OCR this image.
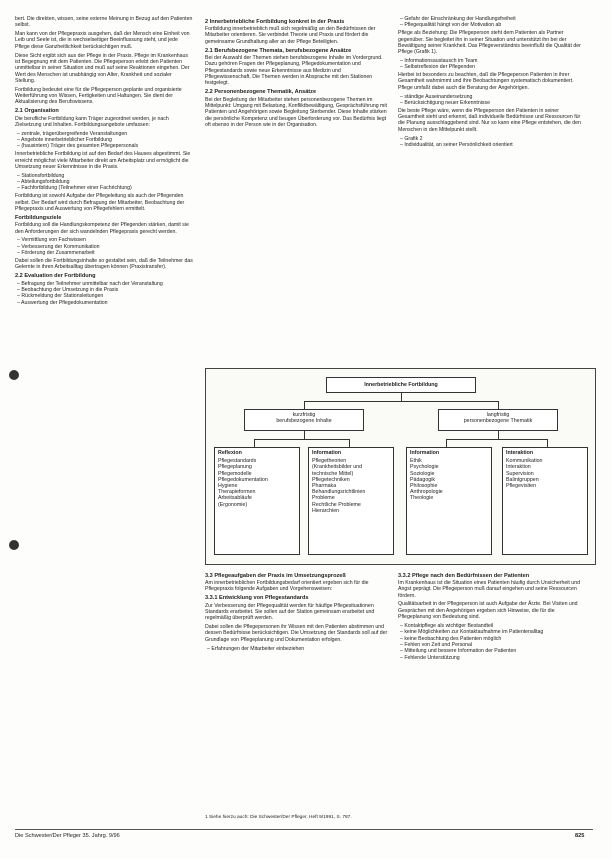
bert. Die direkten, wissen, seine externe Meinung in Bezug auf den Patienten selbst.

Man kann von der Pflegepraxis ausgehen, daß der Mensch eine Einheit von Leib und Seele ist, die in wechselseitiger Beeinflussung steht, und jede Pflege diese Ganzheitlichkeit berücksichtigen muß.

Diese Sicht ergibt sich aus der Pflege in der Praxis. Pflege im Krankenhaus ist Begegnung mit dem Patienten. Die Pflegeperson erlebt den Patienten unmittelbar in seiner Situation und muß auf seine Reaktionen eingehen. Der Wert des Menschen ist unabhängig von Alter, Krankheit und sozialer Stellung.

Fortbildung bedeutet eine für die Pflegeperson geplante und organisierte Weiterführung von Wissen, Fertigkeiten und Haltungen. Sie dient der Aktualisierung des Berufswissens.

2.1 Organisation

Die berufliche Fortbildung kann Träger zugeordnet werden, je nach Zielsetzung und Inhalten. Fortbildungsangebote umfassen:

– zentrale, trägerübergreifende Veranstaltungen
– Angebote innerbetrieblicher Fortbildung
– (hausintern) Träger des gesamten Pflegepersonals

Innerbetriebliche Fortbildung ist auf den Bedarf des Hauses abgestimmt. Sie erreicht möglichst viele Mitarbeiter direkt am Arbeitsplatz und ermöglicht die Umsetzung neuer Erkenntnisse in die Praxis.

– Stationsfortbildung
– Abteilungsfortbildung
– Fachfortbildung (Teilnehmer einer Fachrichtung)

Fortbildung ist sowohl Aufgabe der Pflegeleitung als auch der Pflegenden selbst. Der Bedarf wird durch Befragung der Mitarbeiter, Beobachtung der Pflegepraxis und Auswertung von Pflegefehlern ermittelt.

Fortbildungsziele

Fortbildung soll die Handlungskompetenz der Pflegenden stärken, damit sie den Anforderungen der sich wandelnden Pflegepraxis gerecht werden.

– Vermittlung von Fachwissen
– Verbesserung der Kommunikation
– Förderung der Zusammenarbeit

Dabei sollen die Fortbildungsinhalte so gestaltet sein, daß die Teilnehmer das Gelernte in ihren Arbeitsalltag übertragen können (Praxistransfer).

2.2 Evaluation der Fortbildung
– Befragung der Teilnehmer unmittelbar nach der Veranstaltung
– Beobachtung der Umsetzung in die Praxis
– Rückmeldung der Stationsleitungen
– Auswertung der Pflegedokumentation
2 Innerbetriebliche Fortbildung konkret in der Praxis

Fortbildung innerbetrieblich muß sich regelmäßig an den Bedürfnissen der Mitarbeiter orientieren. Sie verbindet Theorie und Praxis und fördert die gemeinsame Grundhaltung aller an der Pflege Beteiligten.

2.1 Berufsbezogene Themata, berufsbezogene Ansätze

Bei der Auswahl der Themen stehen berufsbezogene Inhalte im Vordergrund. Dazu gehören Fragen der Pflegeplanung, Pflegedokumentation und Pflegestandards sowie neue Erkenntnisse aus Medizin und Pflegewissenschaft. Die Themen werden in Absprache mit den Stationen festgelegt.

2.2 Personenbezogene Thematik, Ansätze

Bei der Begleitung der Mitarbeiter stehen personenbezogene Themen im Mittelpunkt: Umgang mit Belastung, Konfliktbewältigung, Gesprächsführung mit Patienten und Angehörigen sowie Begleitung Sterbender. Diese Inhalte stärken die persönliche Kompetenz und beugen Überforderung vor. Das Bedürfnis liegt oft ebenso in der Person wie in der Organisation.

– Gefahr der Einschränkung der Handlungsfreiheit
– Pflegequalität hängt von der Motivation ab

Pflege als Beziehung: Die Pflegeperson steht dem Patienten als Partner gegenüber. Sie begleitet ihn in seiner Situation und unterstützt ihn bei der Bewältigung seiner Krankheit. Das Pflegeverständnis beeinflußt die Qualität der Pflege (Grafik 1).

– Informationsaustausch im Team
– Selbstreflexion der Pflegenden

Hierbei ist besonders zu beachten, daß die Pflegeperson Patienten in ihrer Gesamtheit wahrnimmt und ihre Beobachtungen systematisch dokumentiert. Pflege umfaßt dabei auch die Beratung der Angehörigen.

– ständige Auseinandersetzung
– Berücksichtigung neuer Erkenntnisse

Die beste Pflege wäre, wenn die Pflegeperson den Patienten in seiner Gesamtheit sieht und erkennt, daß individuelle Bedürfnisse und Ressourcen für die Planung ausschlaggebend sind. Nur so kann eine Pflege entstehen, die den Menschen in den Mittelpunkt stellt.

– Grafik 2
– Individualität, an seiner Persönlichkeit orientiert
Innerbetriebliche Fortbildung
kurzfristig
berufsbezogene Inhalte
langfristig
personenbezogene Thematik
Reflexion
Pflegestandards
Pflegeplanung
Pflegemodelle
Pflegedokumentation
Hygiene
Therapieformen
Arbeitsabläufe
(Ergonomie)
Information
Pflegetheorien
(Krankheitsbilder und
technische Mittel)
Pflegetechniken
Pharmaka
Behandlungsrichtlinien
Probleme
Rechtliche Probleme
Hierarchien
Information
Ethik
Psychologie
Soziologie
Pädagogik
Philosophie
Anthropologie
Theologie
Interaktion
Kommunikation
Interaktion
Supervision
Balintgruppen
Pflegevisiten
3.3 Pflegeaufgaben der Praxis im Umsetzungsprozeß

Am innerbetrieblichen Fortbildungsbedarf orientiert ergeben sich für die Pflegepraxis folgende Aufgaben und Vorgehensweisen:

3.3.1 Entwicklung von Pflegestandards

Zur Verbesserung der Pflegequalität werden für häufige Pflegesituationen Standards erarbeitet. Sie sollen auf der Station gemeinsam erarbeitet und regelmäßig überprüft werden.

Dabei sollen die Pflegepersonen ihr Wissen mit den Patienten abstimmen und dessen Bedürfnisse berücksichtigen. Die Umsetzung der Standards soll auf der Grundlage von Pflegeplanung und Dokumentation erfolgen.

– Erfahrungen der Mitarbeiter einbeziehen
3.3.2 Pflege nach den Bedürfnissen der Patienten

Im Krankenhaus ist die Situation eines Patienten häufig durch Unsicherheit und Angst geprägt. Die Pflegeperson muß darauf eingehen und seine Ressourcen fördern.

Qualitätsarbeit in der Pflegeperson ist auch Aufgabe der Ärzte. Bei Visiten und Gesprächen mit den Angehörigen ergeben sich Hinweise, die für die Pflegeplanung von Bedeutung sind.

– Kontaktpflege als wichtiger Bestandteil
– keine Möglichkeiten zur Kontaktaufnahme im Patientenalltag
– keine Beobachtung des Patienten möglich
– Fehlen von Zeit und Personal
– Mitteilung und bessere Information der Patienten
– Fehlende Unterstützung
1 Siehe hierzu auch: Die Schwester/Der Pfleger, Heft 9/1991, S. 787.
Die Schwester/Der Pfleger 35. Jahrg. 9/96	825
